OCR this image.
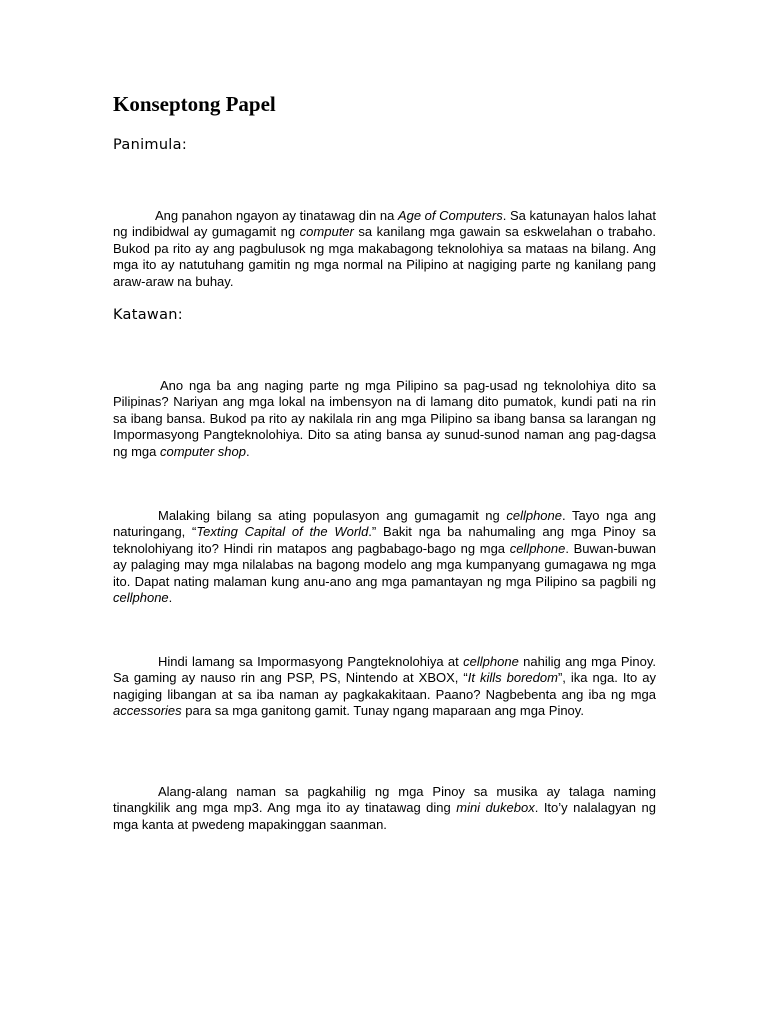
Konseptong Papel
Panimula:

Ang panahon ngayon ay tinatawag din na Age of Computers. Sa katunayan halos lahat ng indibidwal ay gumagamit ng computer sa kanilang mga gawain sa eskwelahan o trabaho. Bukod pa rito ay ang pagbulusok ng mga makabagong teknolohiya sa mataas na bilang. Ang mga ito ay natutuhang gamitin ng mga normal na Pilipino at nagiging parte ng kanilang pang araw-araw na buhay.

Katawan:

Ano nga ba ang naging parte ng mga Pilipino sa pag-usad ng teknolohiya dito sa Pilipinas? Nariyan ang mga lokal na imbensyon na di lamang dito pumatok, kundi pati na rin sa ibang bansa. Bukod pa rito ay nakilala rin ang mga Pilipino sa ibang bansa sa larangan ng Impormasyong Pangteknolohiya. Dito sa ating bansa ay sunud-sunod naman ang pag-dagsa ng mga computer shop.

Malaking bilang sa ating populasyon ang gumagamit ng cellphone. Tayo nga ang naturingang, “Texting Capital of the World.” Bakit nga ba nahumaling ang mga Pinoy sa teknolohiyang ito? Hindi rin matapos ang pagbabago-bago ng mga cellphone. Buwan-buwan ay palaging may mga nilalabas na bagong modelo ang mga kumpanyang gumagawa ng mga ito. Dapat nating malaman kung anu-ano ang mga pamantayan ng mga Pilipino sa pagbili ng cellphone.

Hindi lamang sa Impormasyong Pangteknolohiya at cellphone nahilig ang mga Pinoy. Sa gaming ay nauso rin ang PSP, PS, Nintendo at XBOX, “It kills boredom”, ika nga. Ito ay nagiging libangan at sa iba naman ay pagkakakitaan. Paano? Nagbebenta ang iba ng mga accessories para sa mga ganitong gamit. Tunay ngang maparaan ang mga Pinoy.

Alang-alang naman sa pagkahilig ng mga Pinoy sa musika ay talaga naming tinangkilik ang mga mp3. Ang mga ito ay tinatawag ding mini dukebox. Ito’y nalalagyan ng mga kanta at pwedeng mapakinggan saanman.
